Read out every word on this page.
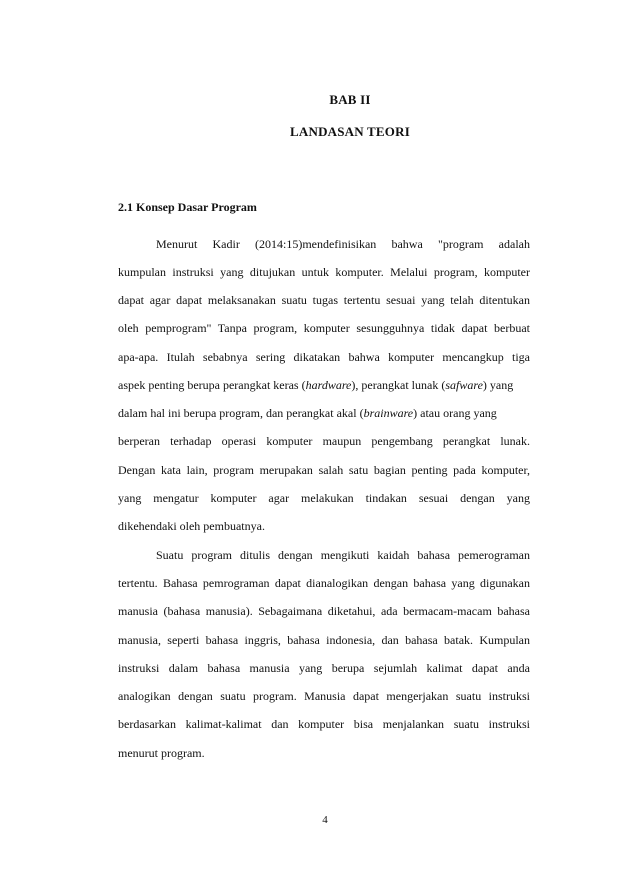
BAB II
LANDASAN TEORI
2.1 Konsep Dasar Program
Menurut Kadir (2014:15)mendefinisikan bahwa "program adalah
kumpulan instruksi yang ditujukan untuk komputer. Melalui program, komputer
dapat agar dapat melaksanakan suatu tugas tertentu sesuai yang telah ditentukan
oleh pemprogram" Tanpa program, komputer sesungguhnya tidak dapat berbuat
apa-apa. Itulah sebabnya sering dikatakan bahwa komputer mencangkup tiga
aspek penting berupa perangkat keras (hardware), perangkat lunak (safware) yang
dalam hal ini berupa program, dan perangkat akal (brainware) atau orang yang
berperan terhadap operasi komputer maupun pengembang perangkat lunak.
Dengan kata lain, program merupakan salah satu bagian penting pada komputer,
yang mengatur komputer agar melakukan tindakan sesuai dengan yang
dikehendaki oleh pembuatnya.
Suatu program ditulis dengan mengikuti kaidah bahasa pemerograman
tertentu. Bahasa pemrograman dapat dianalogikan dengan bahasa yang digunakan
manusia (bahasa manusia). Sebagaimana diketahui, ada bermacam-macam bahasa
manusia, seperti bahasa inggris, bahasa indonesia, dan bahasa batak. Kumpulan
instruksi dalam bahasa manusia yang berupa sejumlah kalimat dapat anda
analogikan dengan suatu program. Manusia dapat mengerjakan suatu instruksi
berdasarkan kalimat-kalimat dan komputer bisa menjalankan suatu instruksi
menurut program.
4
